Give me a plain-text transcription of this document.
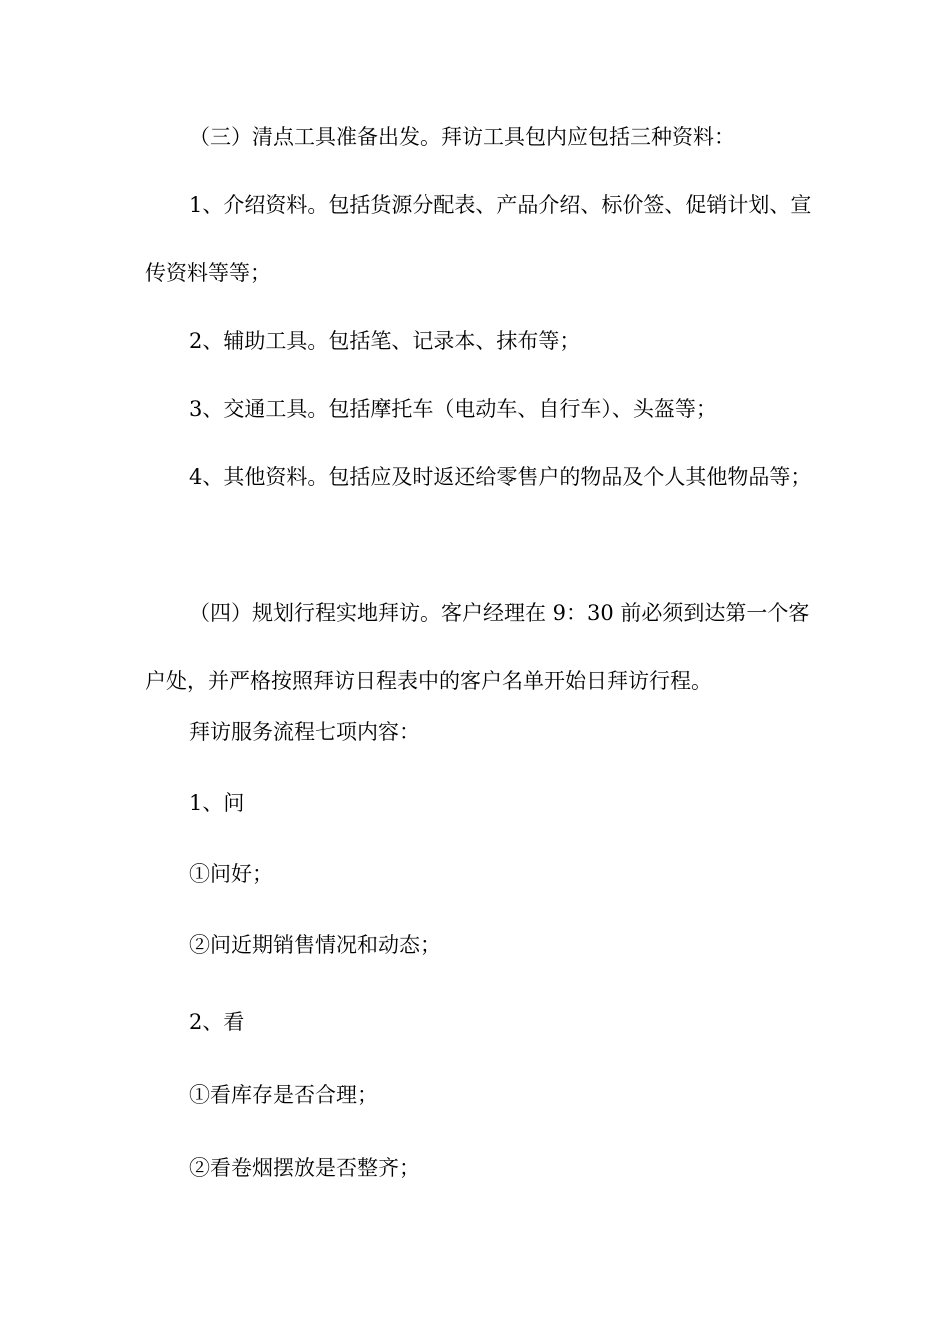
（三）清点工具准备出发。拜访工具包内应包括三种资料：

1、介绍资料。包括货源分配表、产品介绍、标价签、促销计划、宣传资料等等；

2、辅助工具。包括笔、记录本、抹布等；

3、交通工具。包括摩托车（电动车、自行车）、头盔等；

4、其他资料。包括应及时返还给零售户的物品及个人其他物品等；

（四）规划行程实地拜访。客户经理在 9：30 前必须到达第一个客户处，并严格按照拜访日程表中的客户名单开始日拜访行程。

拜访服务流程七项内容：

1、问

①问好；

②问近期销售情况和动态；

2、看

①看库存是否合理；

②看卷烟摆放是否整齐；
